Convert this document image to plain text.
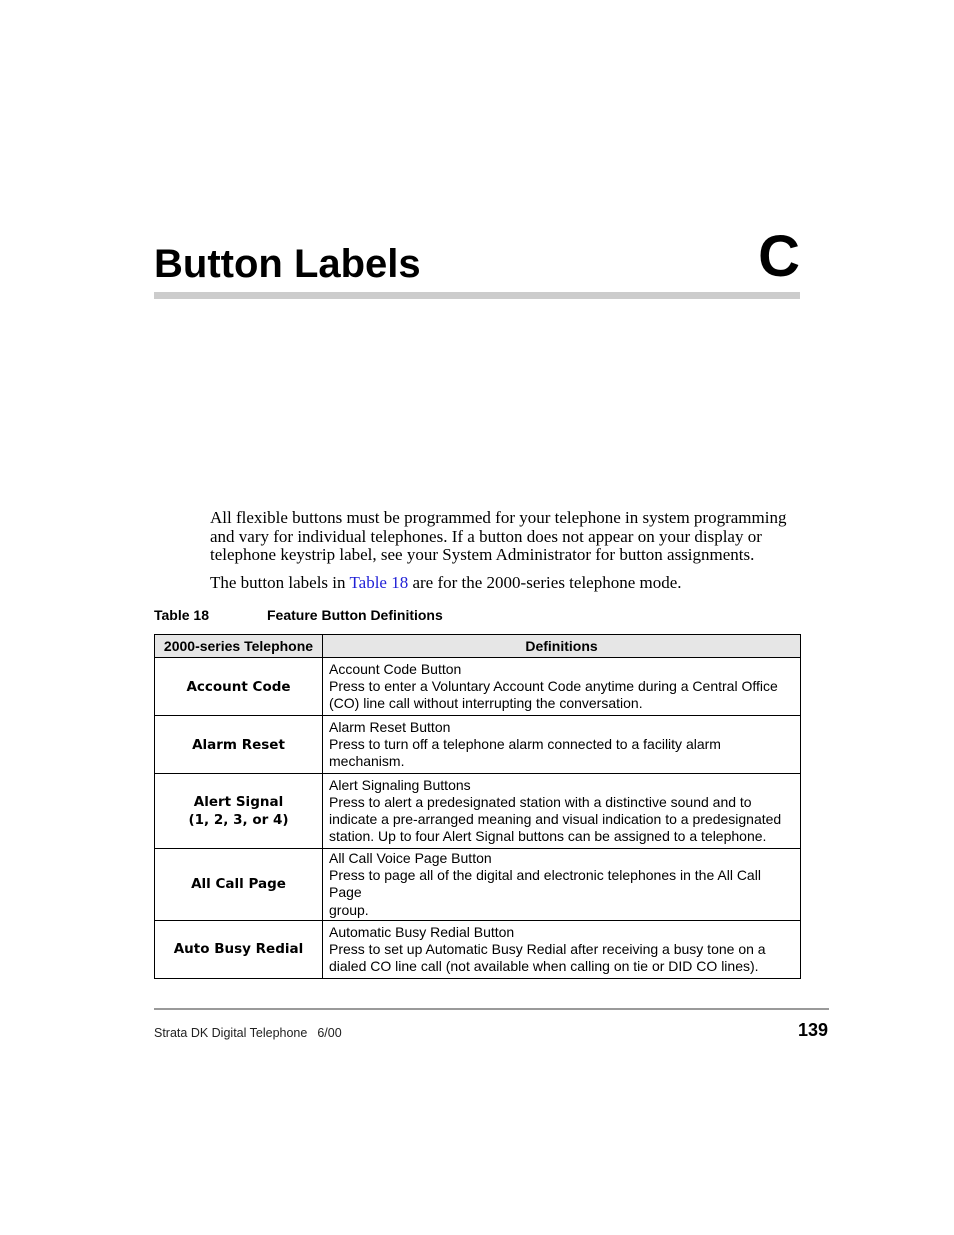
Button Labels	C

All flexible buttons must be programmed for your telephone in system programming and vary for individual telephones. If a button does not appear on your display or telephone keystrip label, see your System Administrator for button assignments.

The button labels in Table 18 are for the 2000-series telephone mode.

Table 18	Feature Button Definitions
2000-series Telephone	Definitions
Account Code	Account Code Button
Press to enter a Voluntary Account Code anytime during a Central Office
(CO) line call without interrupting the conversation.

Alarm Reset	Alarm Reset Button
Press to turn off a telephone alarm connected to a facility alarm
mechanism.

Alert Signal
(1, 2, 3, or 4)	Alert Signaling Buttons
Press to alert a predesignated station with a distinctive sound and to
indicate a pre-arranged meaning and visual indication to a predesignated
station. Up to four Alert Signal buttons can be assigned to a telephone.

All Call Page	All Call Voice Page Button
Press to page all of the digital and electronic telephones in the All Call Page
group.

Auto Busy Redial	Automatic Busy Redial Button
Press to set up Automatic Busy Redial after receiving a busy tone on a
dialed CO line call (not available when calling on tie or DID CO lines).
Strata DK Digital Telephone 6/00	139
